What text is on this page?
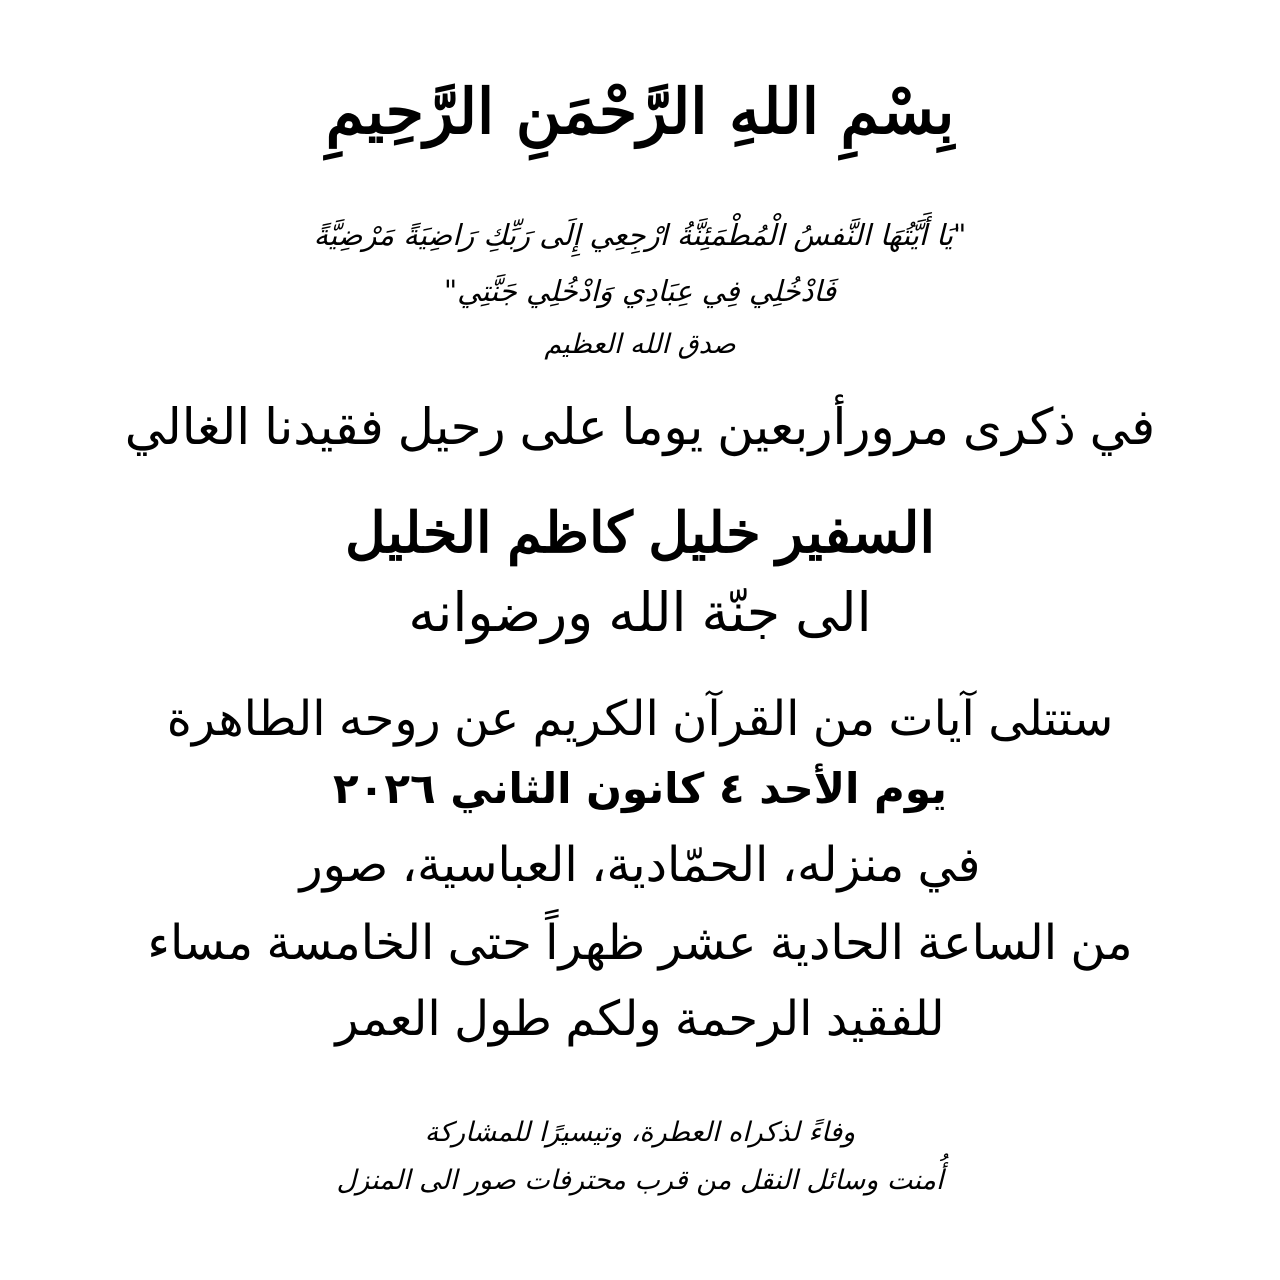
بِسْمِ اللهِ الرَّحْمَنِ الرَّحِيمِ
"يَا أَيَّتُهَا النَّفسُ الْمُطْمَئِنَّةُ ارْجِعِي إِلَى رَبِّكِ رَاضِيَةً مَرْضِيَّةً
فَادْخُلِي فِي عِبَادِي وَادْخُلِي جَنَّتِي"
صدق الله العظيم
في ذكرى مرورأربعين يوما على رحيل فقيدنا الغالي
السفير خليل كاظم الخليل
الى جنّة الله ورضوانه
ستتلى آيات من القرآن الكريم عن روحه الطاهرة
يوم الأحد ٤ كانون الثاني ٢٠٢٦
في منزله، الحمّادية، العباسية، صور
من الساعة الحادية عشر ظهراً حتى الخامسة مساء
للفقيد الرحمة ولكم طول العمر
وفاءً لذكراه العطرة، وتيسيرًا للمشاركة
أُمنت وسائل النقل من قرب محترفات صور الى المنزل
